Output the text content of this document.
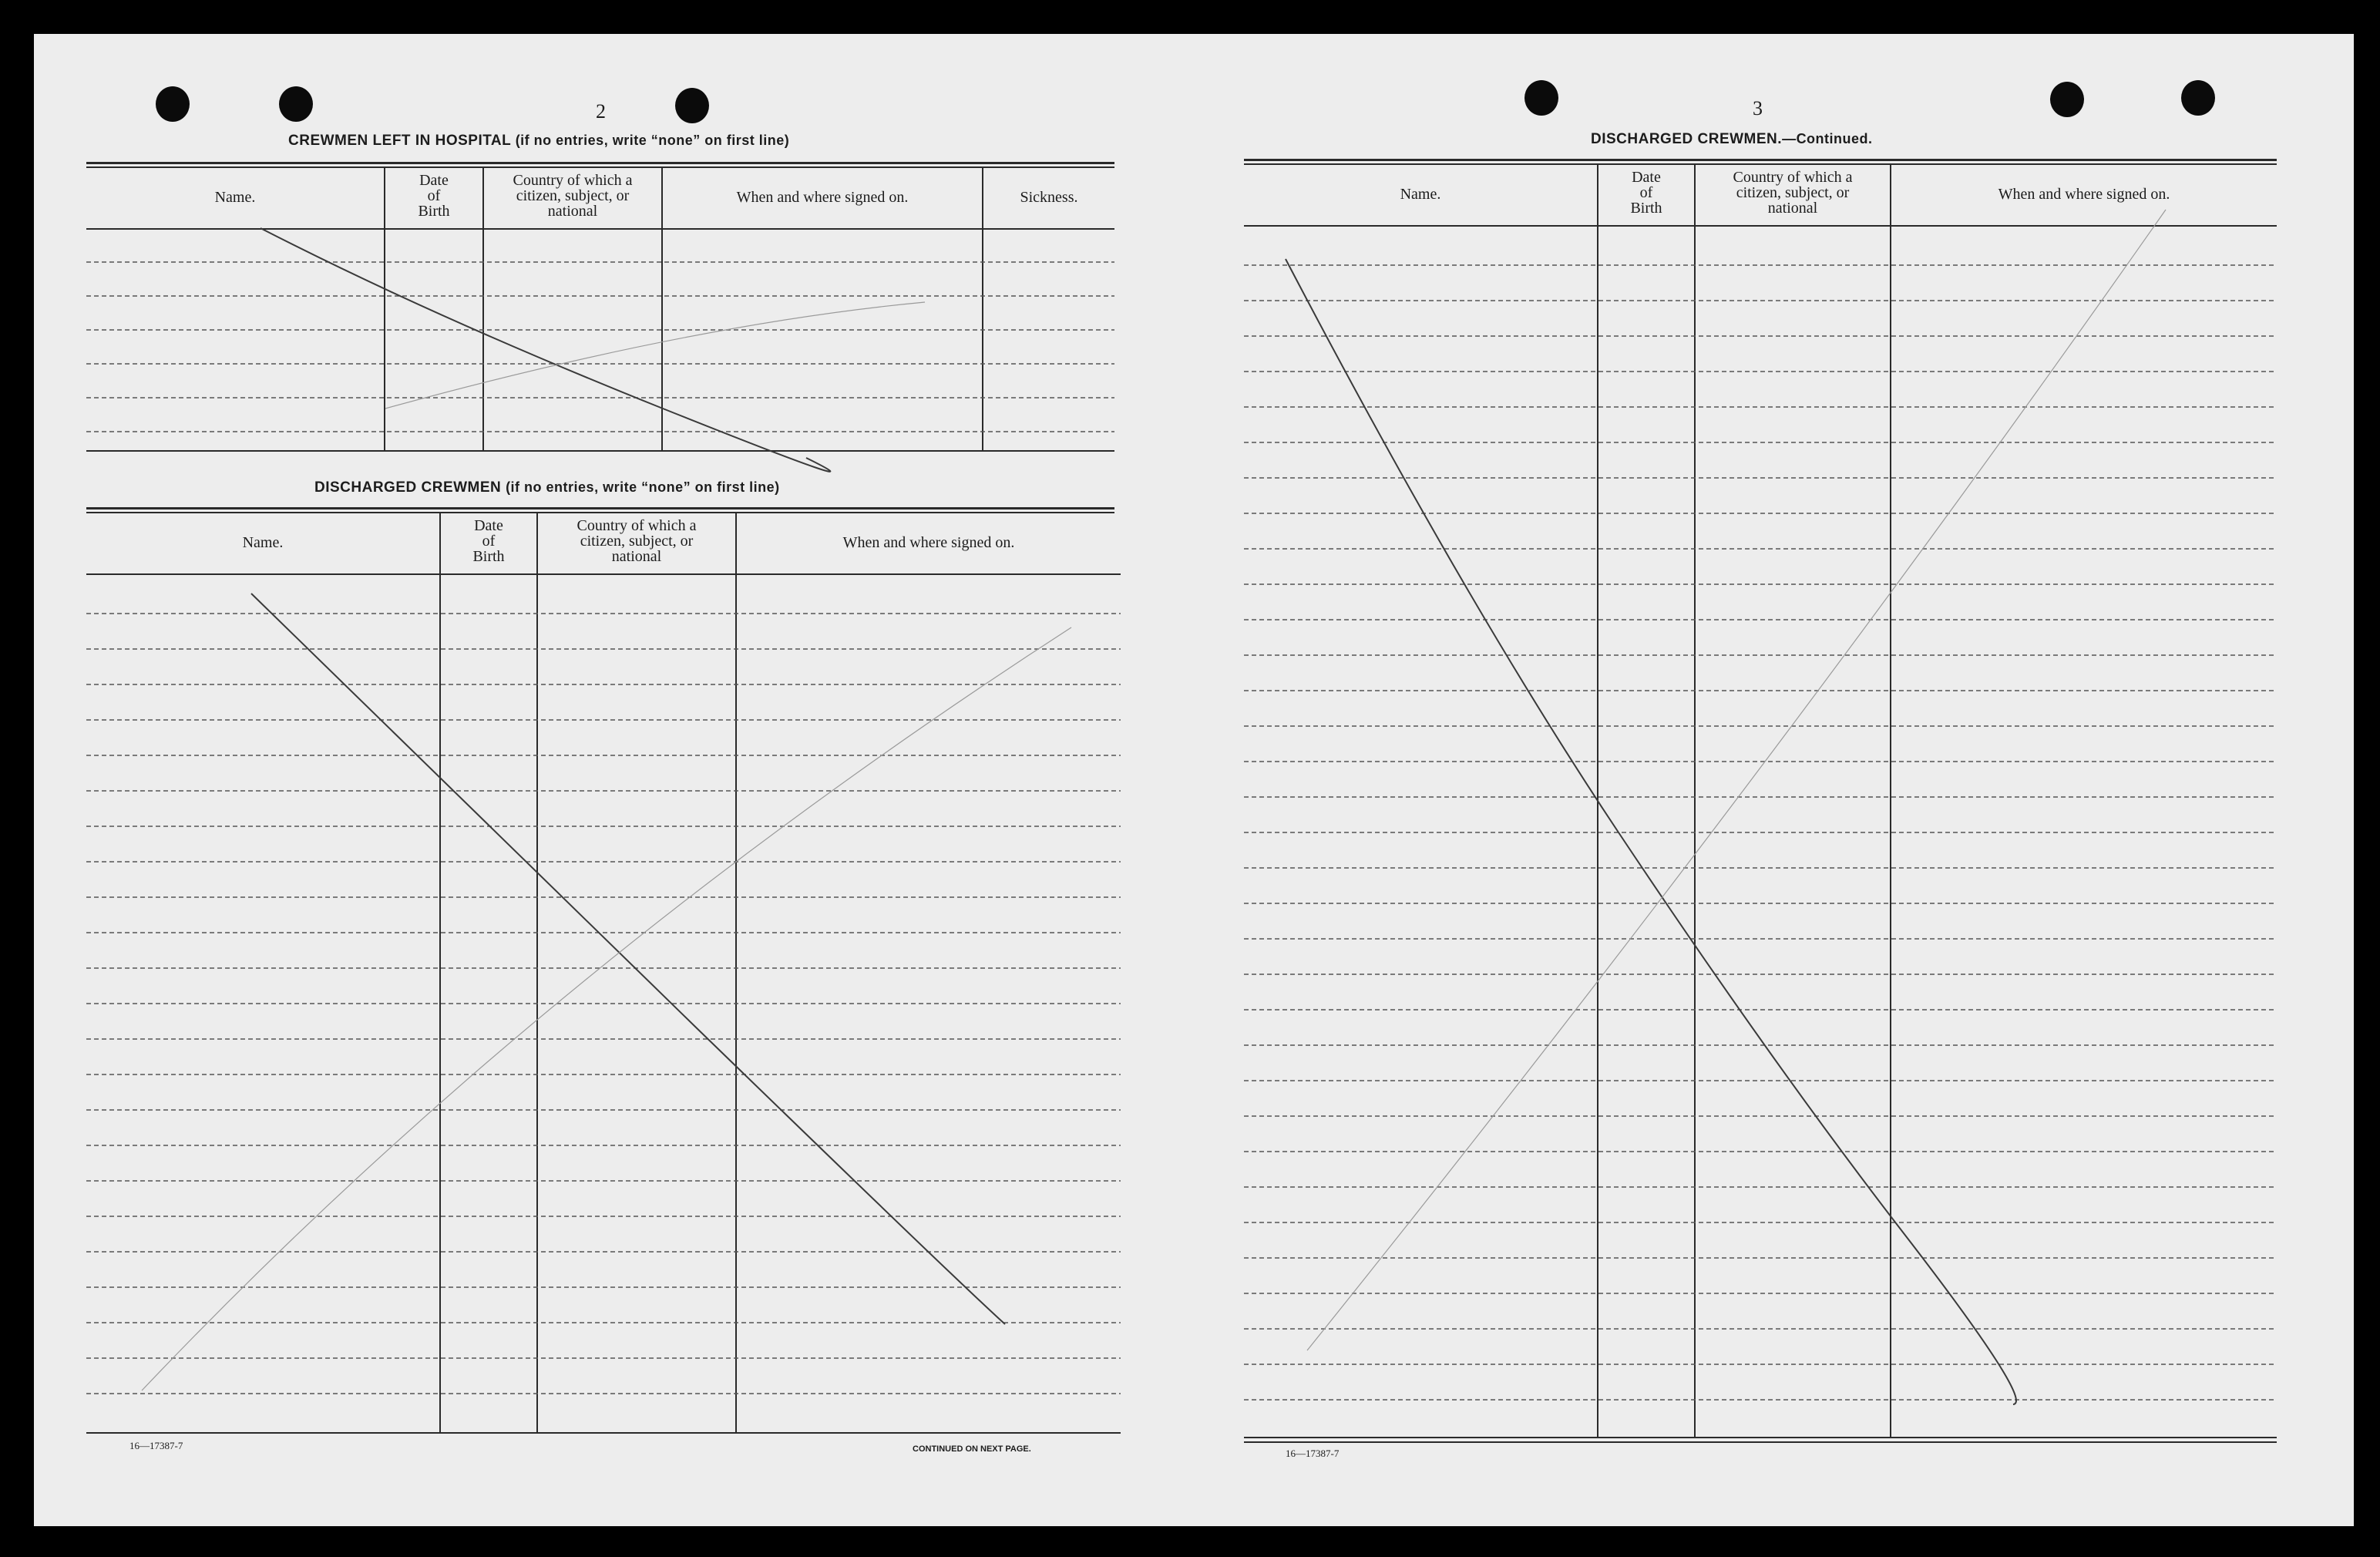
2
CREWMEN LEFT IN HOSPITAL (if no entries, write “none” on first line)
Name.
Date
of
Birth
Country of which a
citizen, subject, or
national
When and where signed on.	Sickness.
DISCHARGED CREWMEN (if no entries, write “none” on first line)
Name.
Date
of
Birth
Country of which a
citizen, subject, or
national
When and where signed on.
16—17387-7	CONTINUED ON NEXT PAGE.
3
DISCHARGED CREWMEN.—Continued.
Name.
Date
of
Birth
Country of which a
citizen, subject, or
national
When and where signed on.
16—17387-7
